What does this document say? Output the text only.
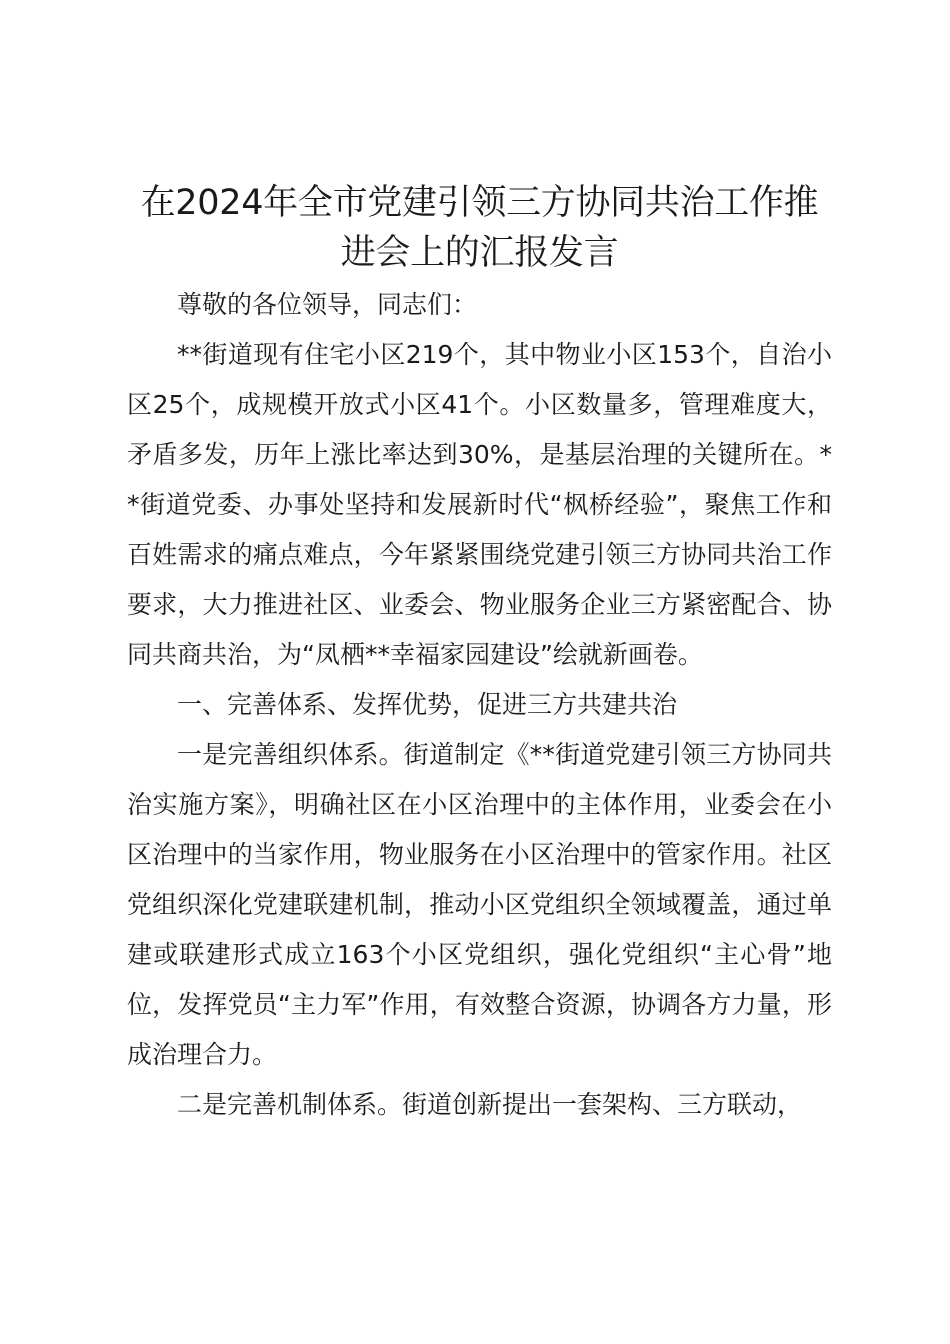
在2024年全市党建引领三方协同共治工作推进会上的汇报发言

尊敬的各位领导，同志们：

**街道现有住宅小区219个，其中物业小区153个，自治小区25个，成规模开放式小区41个。小区数量多，管理难度大，矛盾多发，历年上涨比率达到30%，是基层治理的关键所在。**街道党委、办事处坚持和发展新时代“枫桥经验”，聚焦工作和百姓需求的痛点难点，今年紧紧围绕党建引领三方协同共治工作要求，大力推进社区、业委会、物业服务企业三方紧密配合、协同共商共治，为“凤栖**幸福家园建设”绘就新画卷。

一、完善体系、发挥优势，促进三方共建共治

一是完善组织体系。街道制定《**街道党建引领三方协同共治实施方案》，明确社区在小区治理中的主体作用，业委会在小区治理中的当家作用，物业服务在小区治理中的管家作用。社区党组织深化党建联建机制，推动小区党组织全领域覆盖，通过单建或联建形式成立163个小区党组织，强化党组织“主心骨”地位，发挥党员“主力军”作用，有效整合资源，协调各方力量，形成治理合力。

二是完善机制体系。街道创新提出一套架构、三方联动，
